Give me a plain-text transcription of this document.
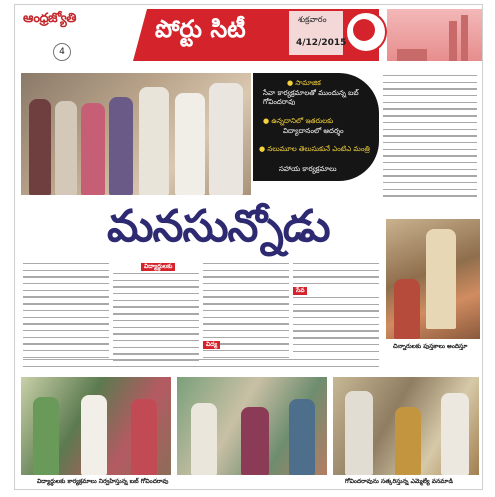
ఆంధ్రజ్యోతి
4
పోర్టు సిటీ	శుక్రవారం
4/12/2015
● సామాజిక
సేవా కార్యక్రమాలతో ముందున్న బబ్ గోవిందరావు
● ఉన్నదానిలో ఇతరులకు
విద్యాదానంలో ఆదర్శం
● నలుమూల తెలుసుకునే ఎంటిఎ మంత్రి
సహాయ కార్యక్రమాలు
మనసున్నోడు
విద్యార్థులకు
సేవ
విద్య	చిన్నారులకు పుస్తకాలు అందిస్తూ
విద్యార్థులకు కార్యక్రమాలు నిర్వహిస్తున్న బబ్ గోవిందరావు	గోవిందరావును సత్కరిస్తున్న ఎమ్మెల్యే వనమాడి
